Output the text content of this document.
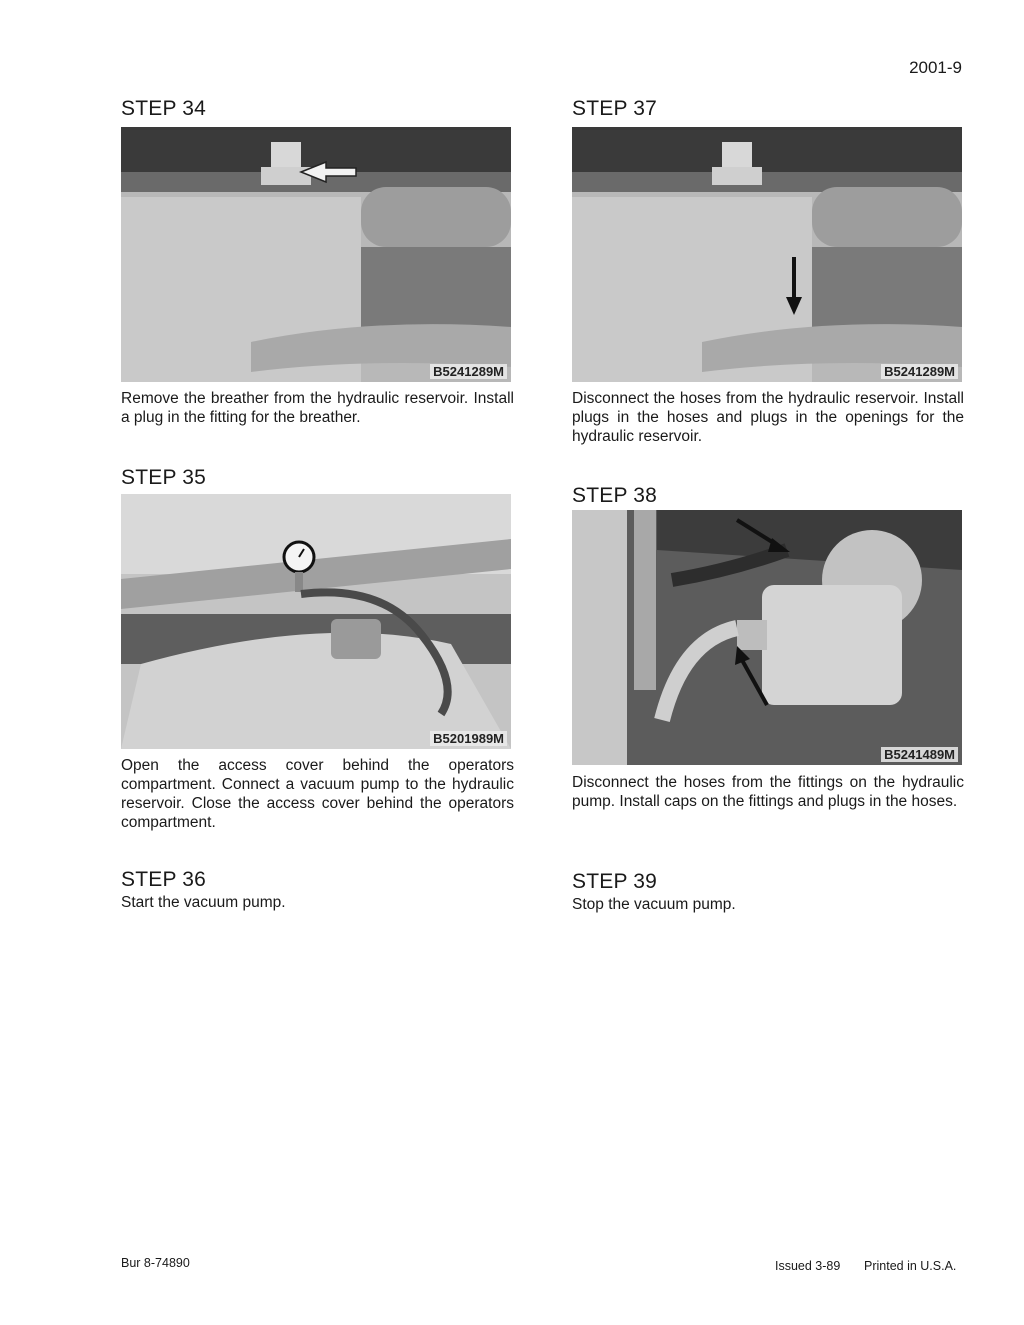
2001-9
STEP 34
B5241289M
Remove the breather from the hydraulic reservoir. Install a plug in the fitting for the breather.
STEP 35
B5201989M
Open the access cover behind the operators compartment. Connect a vacuum pump to the hydraulic reservoir. Close the access cover behind the operators compartment.
STEP 36
Start the vacuum pump.
STEP 37
B5241289M
Disconnect the hoses from the hydraulic reservoir. Install plugs in the hoses and plugs in the openings for the hydraulic reservoir.
STEP 38
B5241489M
Disconnect the hoses from the fittings on the hydraulic pump. Install caps on the fittings and plugs in the hoses.
STEP 39
Stop the vacuum pump.
Bur 8-74890	Issued 3-89 Printed in U.S.A.
